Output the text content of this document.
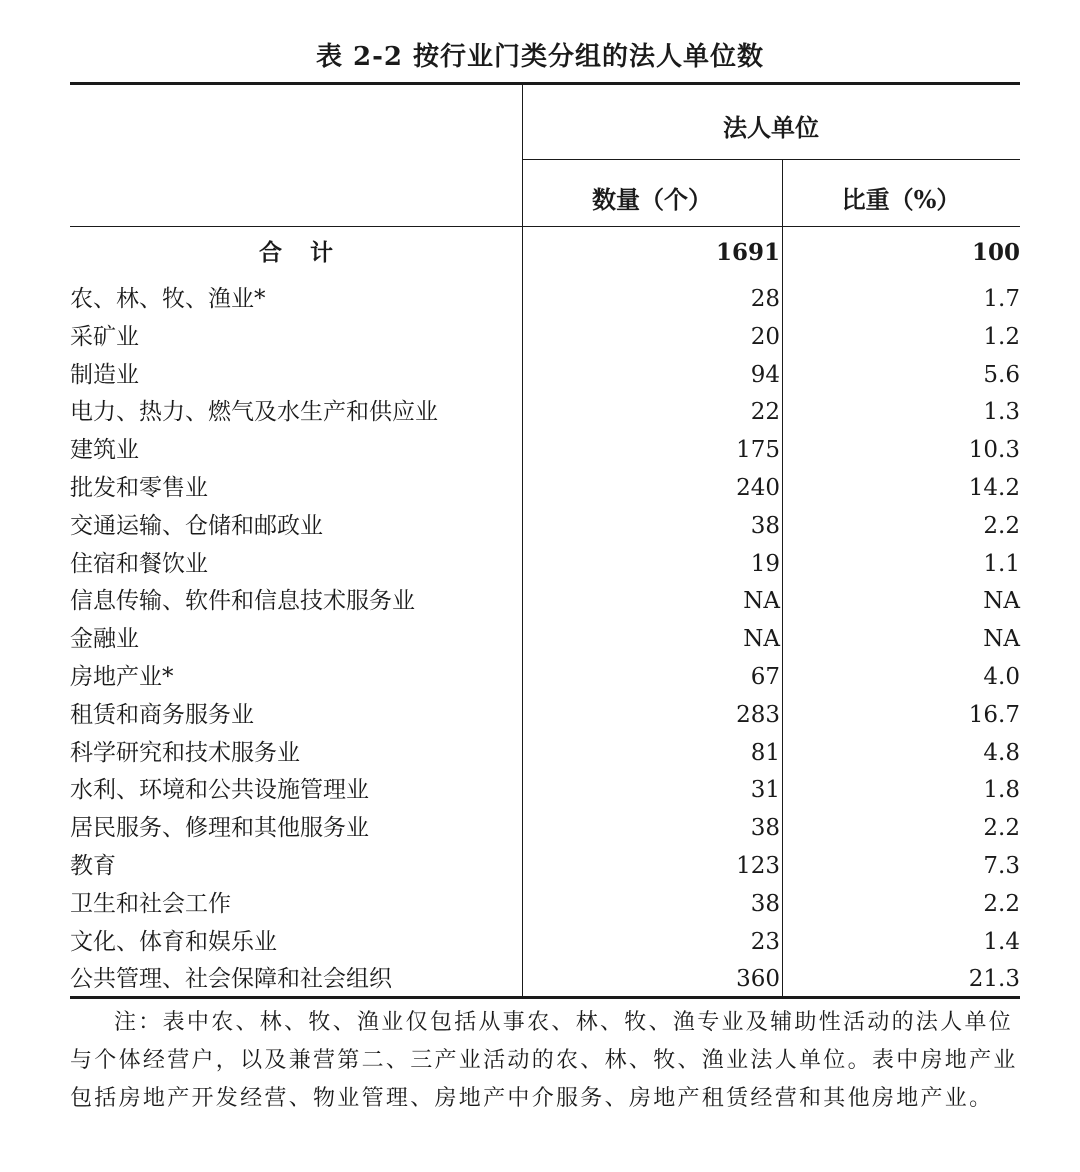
表 2-2 按行业门类分组的法人单位数
法人单位
数量（个）	比重（%）
合计	1691	100
农、林、牧、渔业*	28	1.7
采矿业	20	1.2
制造业	94	5.6
电力、热力、燃气及水生产和供应业	22	1.3
建筑业	175	10.3
批发和零售业	240	14.2
交通运输、仓储和邮政业	38	2.2
住宿和餐饮业	19	1.1
信息传输、软件和信息技术服务业	NA	NA
金融业	NA	NA
房地产业*	67	4.0
租赁和商务服务业	283	16.7
科学研究和技术服务业	81	4.8
水利、环境和公共设施管理业	31	1.8
居民服务、修理和其他服务业	38	2.2
教育	123	7.3
卫生和社会工作	38	2.2
文化、体育和娱乐业	23	1.4
公共管理、社会保障和社会组织	360	21.3
注：表中农、林、牧、渔业仅包括从事农、林、牧、渔专业及辅助性活动的法人单位与个体经营户，以及兼营第二、三产业活动的农、林、牧、渔业法人单位。表中房地产业包括房地产开发经营、物业管理、房地产中介服务、房地产租赁经营和其他房地产业。
